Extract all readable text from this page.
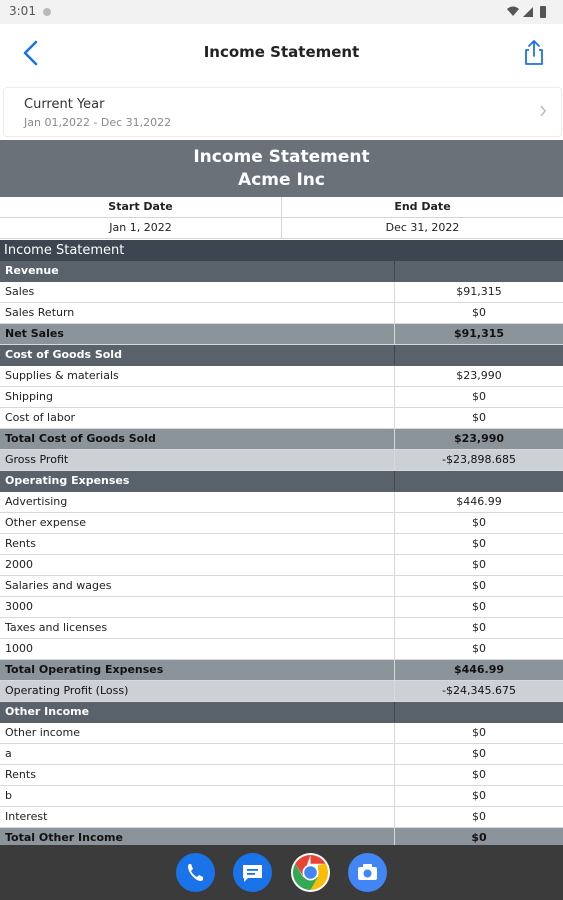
3:01
Income Statement
Current Year
Jan 01,2022 - Dec 31,2022
Income Statement
Acme Inc
Start Date	End Date
Jan 1, 2022	Dec 31, 2022
Income Statement
Revenue
Sales	$91,315
Sales Return	$0
Net Sales	$91,315
Cost of Goods Sold
Supplies & materials	$23,990
Shipping	$0
Cost of labor	$0
Total Cost of Goods Sold	$23,990
Gross Profit	-$23,898.685
Operating Expenses
Advertising	$446.99
Other expense	$0
Rents	$0
2000	$0
Salaries and wages	$0
3000	$0
Taxes and licenses	$0
1000	$0
Total Operating Expenses	$446.99
Operating Profit (Loss)	-$24,345.675
Other Income
Other income	$0
a	$0
Rents	$0
b	$0
Interest	$0
Total Other Income	$0
